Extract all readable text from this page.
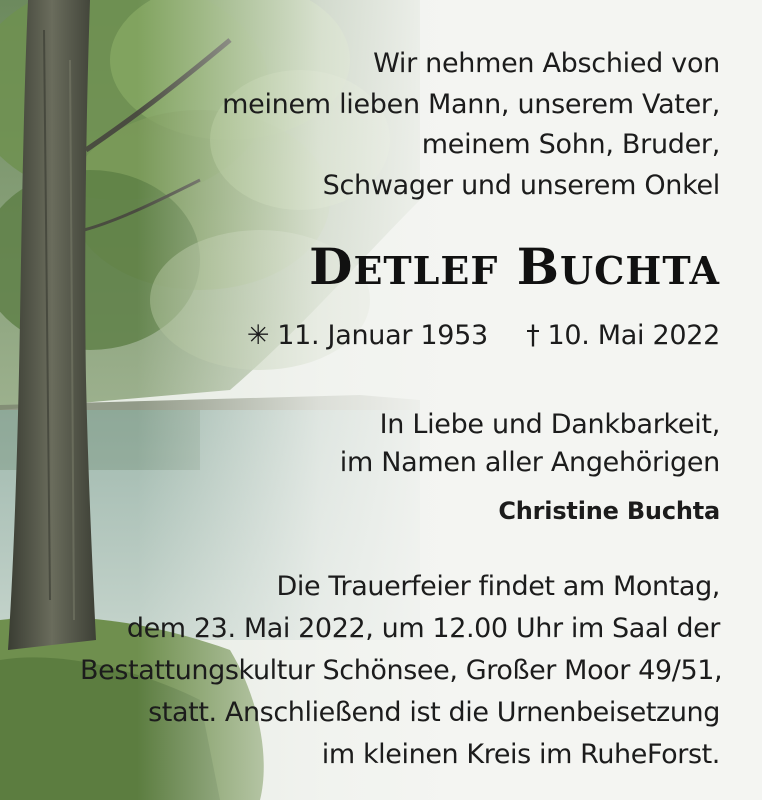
Wir nehmen Abschied von
meinem lieben Mann, unserem Vater,
meinem Sohn, Bruder,
Schwager und unserem Onkel
DETLEF BUCHTA
✳ 11. Januar 1953 † 10. Mai 2022
In Liebe und Dankbarkeit,
im Namen aller Angehörigen
Christine Buchta
Die Trauerfeier findet am Montag,
dem 23. Mai 2022, um 12.00 Uhr im Saal der
Bestattungskultur Schönsee, Großer Moor 49/51,
statt. Anschließend ist die Urnenbeisetzung
im kleinen Kreis im RuheForst.
